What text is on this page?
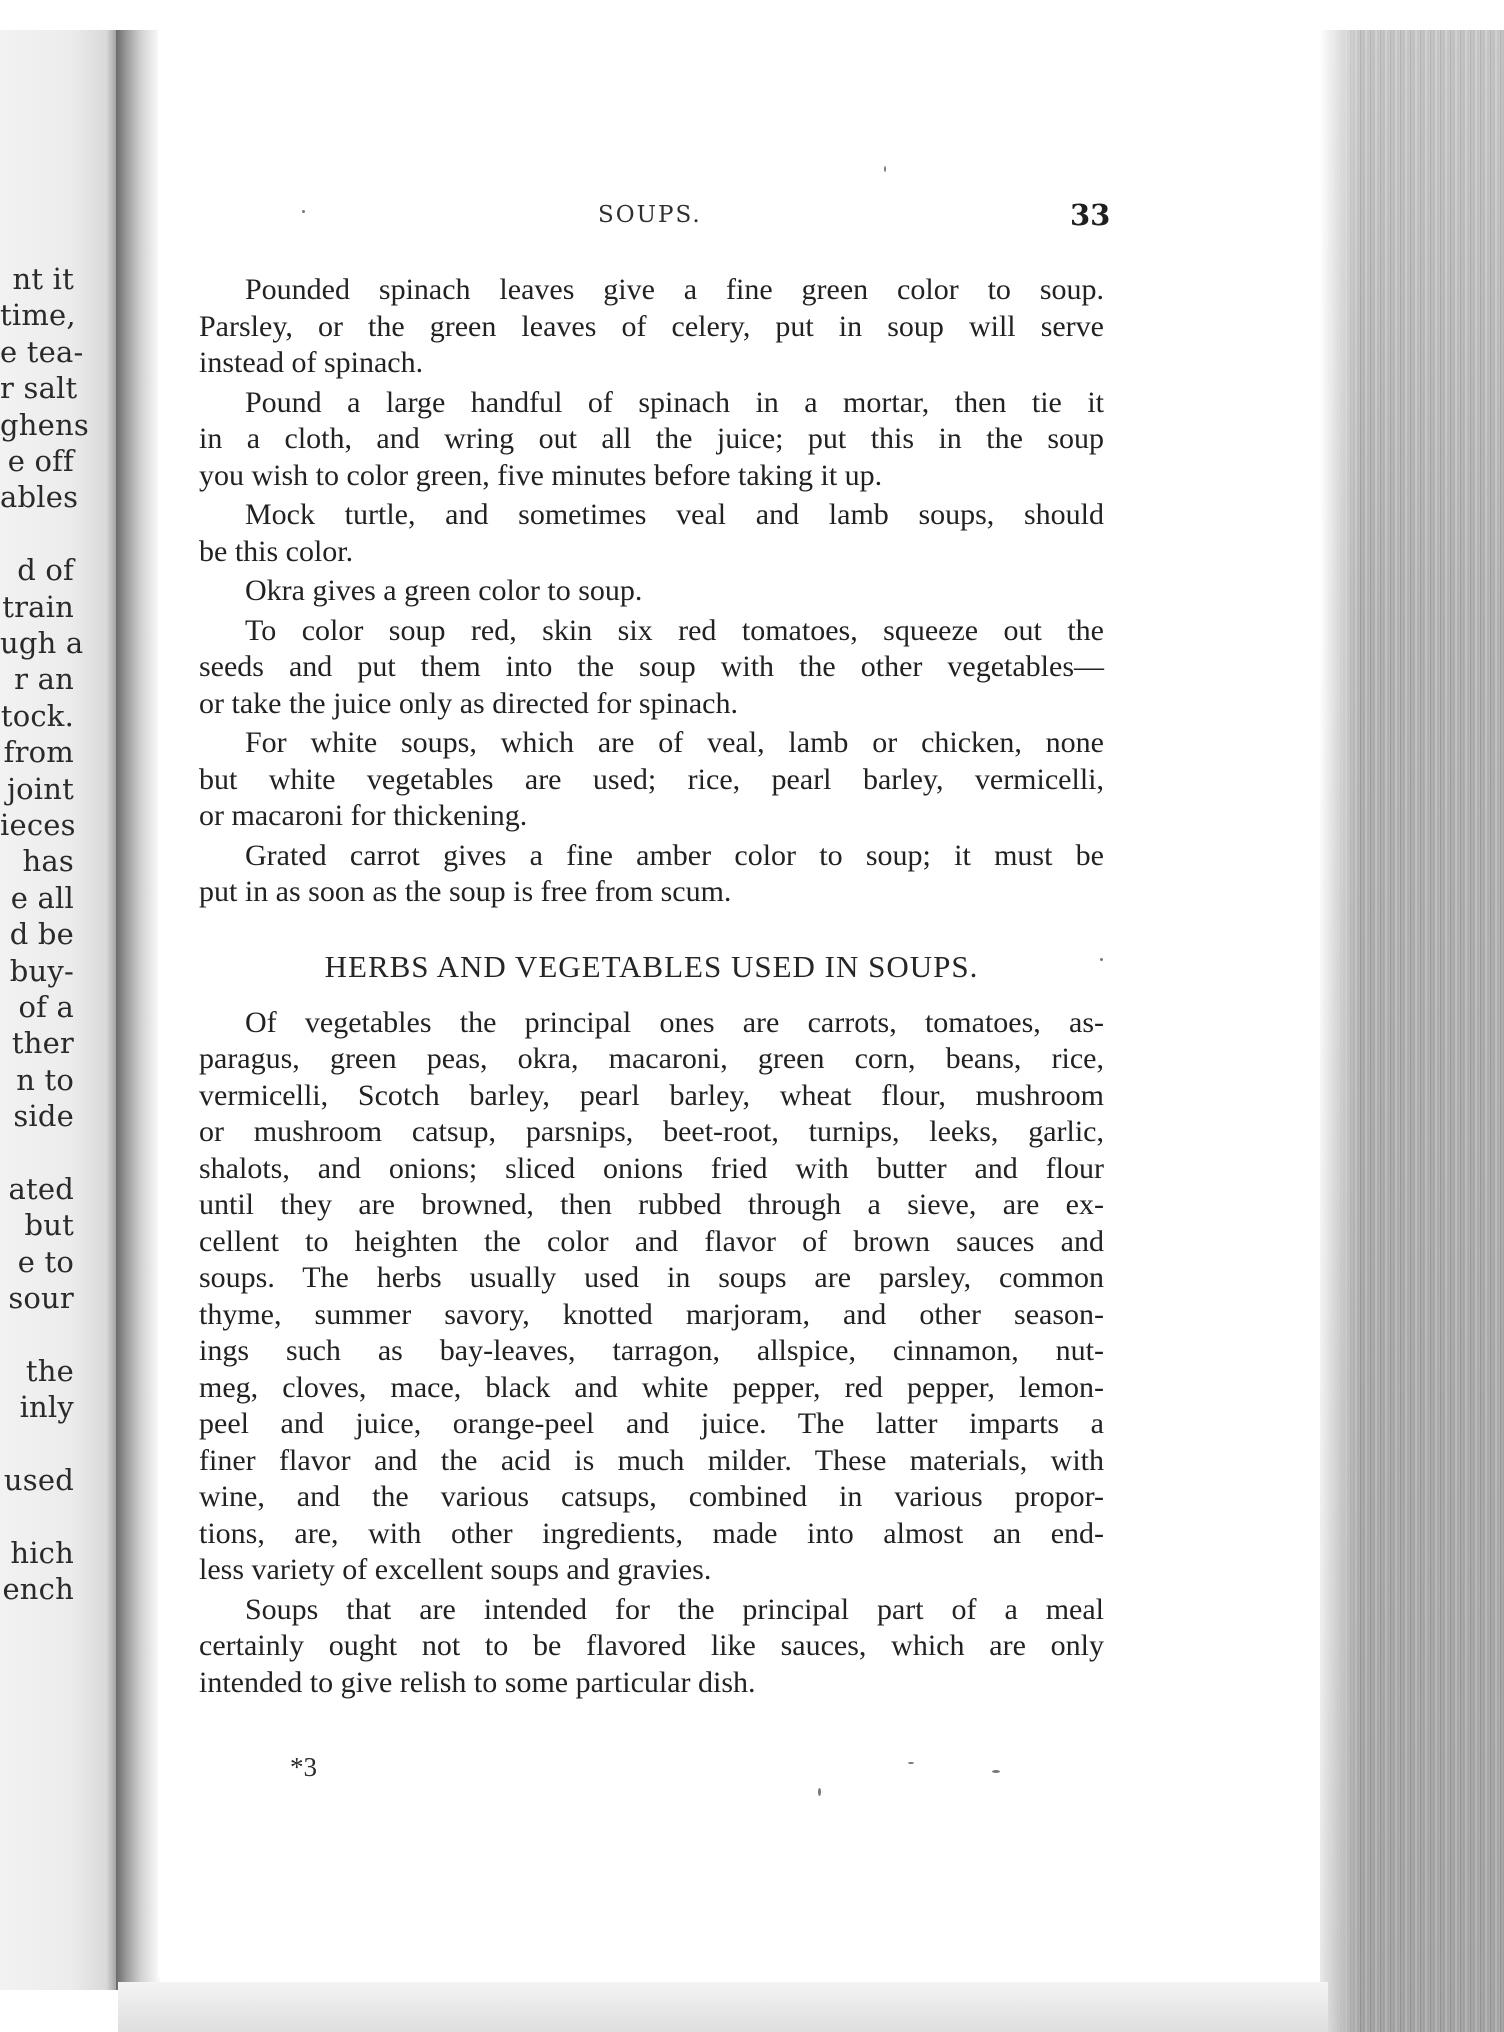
nt it
time,
e tea-
r salt
ghens
e off
ables
d of
train
ugh a
r an
tock.
from
joint
ieces
has
e all
d be
buy-
of a
ther
n to
side
ated
but
e to
sour
the
inly
used
hich
ench
SOUPS.	33
Pounded spinach leaves give a fine green color to soup.
Parsley, or the green leaves of celery, put in soup will serve
instead of spinach.
Pound a large handful of spinach in a mortar, then tie it
in a cloth, and wring out all the juice; put this in the soup
you wish to color green, five minutes before taking it up.
Mock turtle, and sometimes veal and lamb soups, should
be this color.
Okra gives a green color to soup.
To color soup red, skin six red tomatoes, squeeze out the
seeds and put them into the soup with the other vegetables—
or take the juice only as directed for spinach.
For white soups, which are of veal, lamb or chicken, none
but white vegetables are used; rice, pearl barley, vermicelli,
or macaroni for thickening.
Grated carrot gives a fine amber color to soup; it must be
put in as soon as the soup is free from scum.
HERBS AND VEGETABLES USED IN SOUPS.
Of vegetables the principal ones are carrots, tomatoes, as-
paragus, green peas, okra, macaroni, green corn, beans, rice,
vermicelli, Scotch barley, pearl barley, wheat flour, mushroom
or mushroom catsup, parsnips, beet-root, turnips, leeks, garlic,
shalots, and onions; sliced onions fried with butter and flour
until they are browned, then rubbed through a sieve, are ex-
cellent to heighten the color and flavor of brown sauces and
soups. The herbs usually used in soups are parsley, common
thyme, summer savory, knotted marjoram, and other season-
ings such as bay-leaves, tarragon, allspice, cinnamon, nut-
meg, cloves, mace, black and white pepper, red pepper, lemon-
peel and juice, orange-peel and juice. The latter imparts a
finer flavor and the acid is much milder. These materials, with
wine, and the various catsups, combined in various propor-
tions, are, with other ingredients, made into almost an end-
less variety of excellent soups and gravies.
Soups that are intended for the principal part of a meal
certainly ought not to be flavored like sauces, which are only
intended to give relish to some particular dish.
*3
